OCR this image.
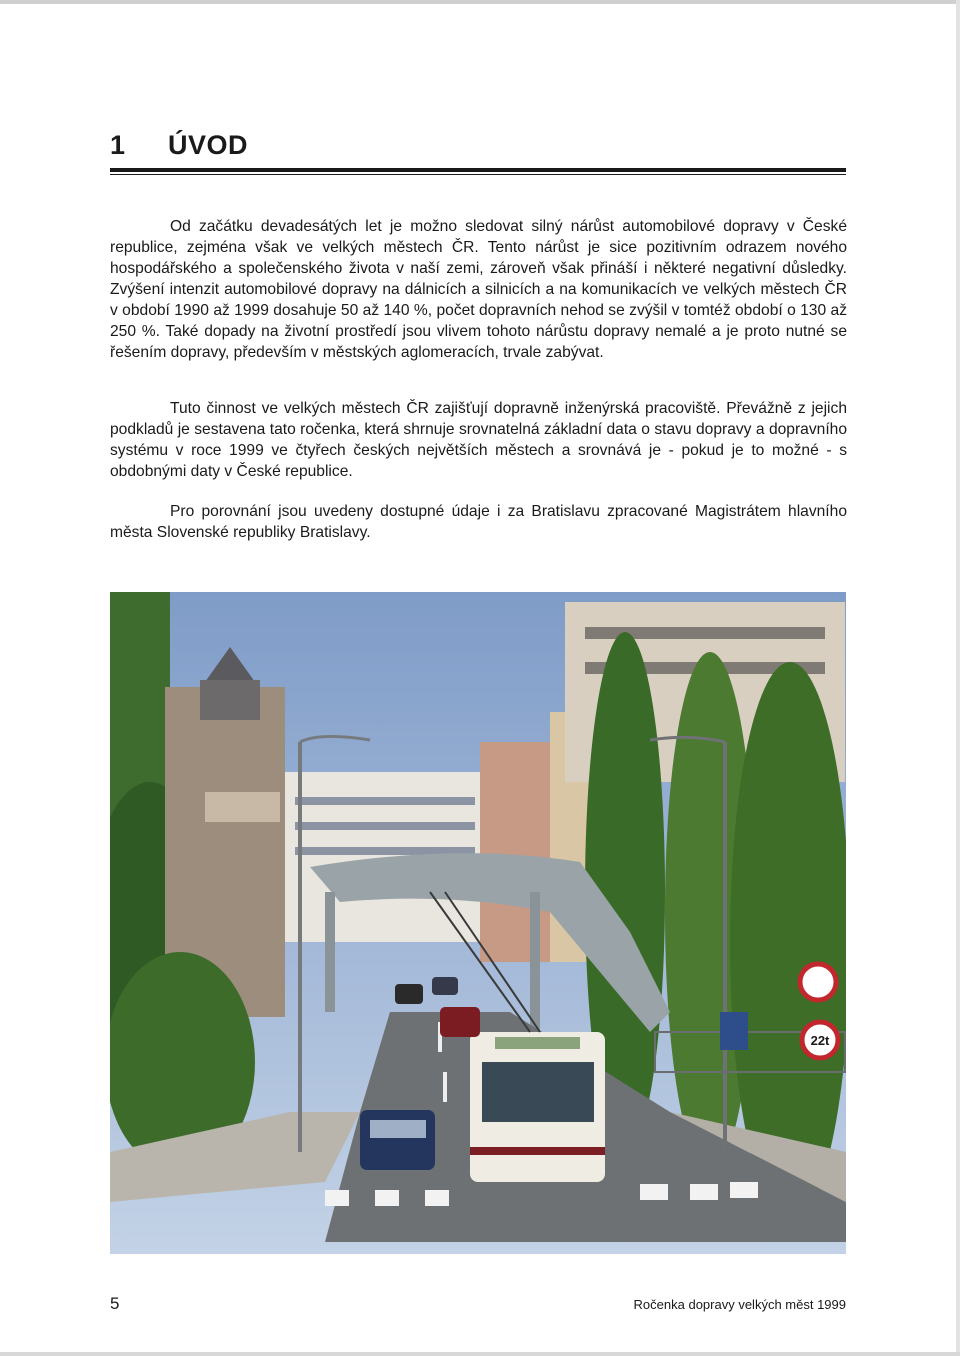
1 ÚVOD

Od začátku devadesátých let je možno sledovat silný nárůst automobilové dopravy v České republice, zejména však ve velkých městech ČR. Tento nárůst je sice pozitivním odrazem nového hospodářského a společenského života v naší zemi, zároveň však přináší i některé negativní důsledky. Zvýšení intenzit automobilové dopravy na dálnicích a silnicích a na komunikacích ve velkých městech ČR v období 1990 až 1999 dosahuje 50 až 140 %, počet dopravních nehod se zvýšil v tomtéž období o 130 až 250 %. Také dopady na životní prostředí jsou vlivem tohoto nárůstu dopravy nemalé a je proto nutné se řešením dopravy, především v městských aglomeracích, trvale zabývat.

Tuto činnost ve velkých městech ČR zajišťují dopravně inženýrská pracoviště. Převážně z jejich podkladů je sestavena tato ročenka, která shrnuje srovnatelná základní data o stavu dopravy a dopravního systému v roce 1999 ve čtyřech českých největších městech a srovnává je - pokud je to možné - s obdobnými daty v České republice.

Pro porovnání jsou uvedeny dostupné údaje i za Bratislavu zpracované Magistrátem hlavního města Slovenské republiky Bratislavy.

22t
5	Ročenka dopravy velkých měst 1999
